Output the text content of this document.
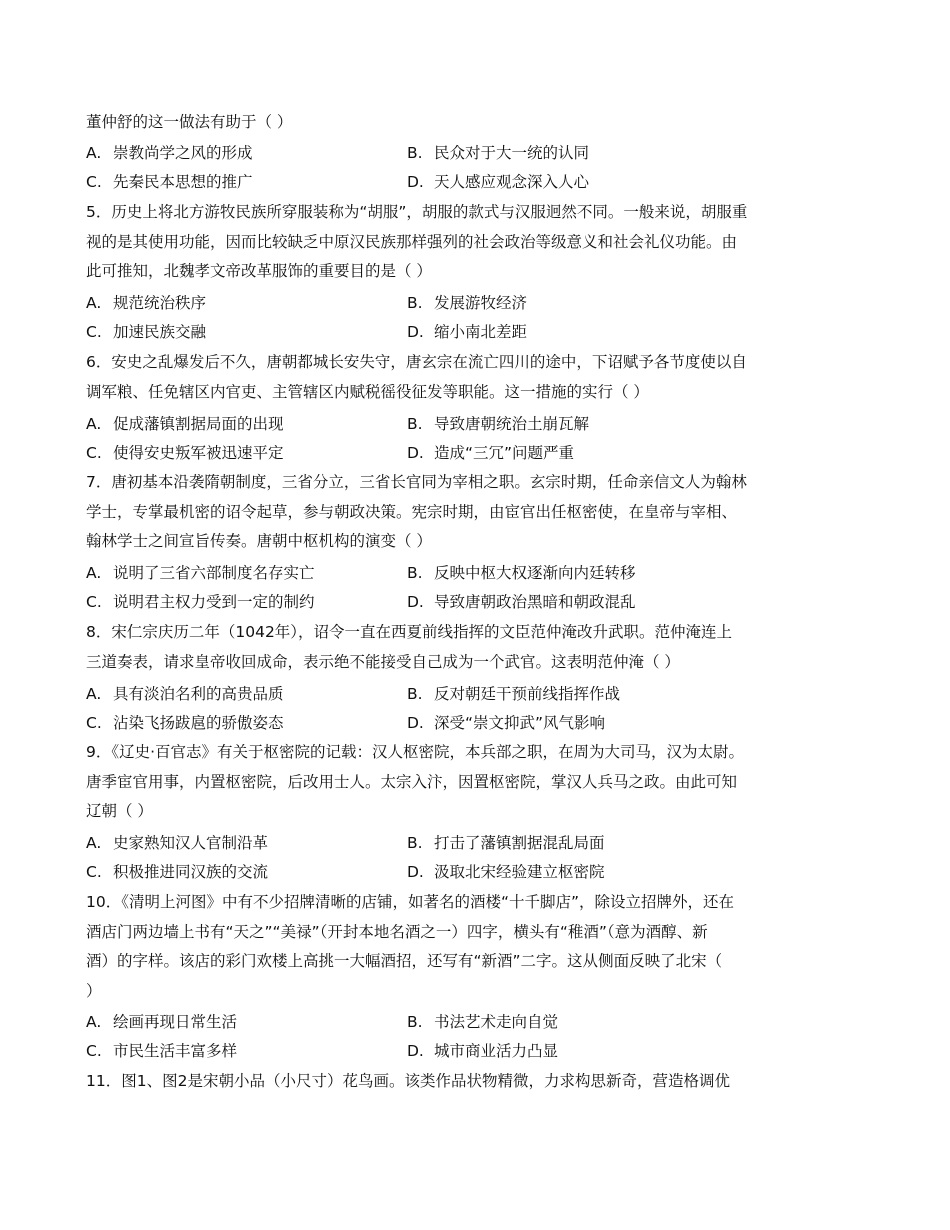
董仲舒的这一做法有助于（ ）
A. 崇教尚学之风的形成	B. 民众对于大一统的认同
C. 先秦民本思想的推广	D. 天人感应观念深入人心
5．历史上将北方游牧民族所穿服装称为“胡服”，胡服的款式与汉服迥然不同。一般来说，胡服重
视的是其使用功能，因而比较缺乏中原汉民族那样强列的社会政治等级意义和社会礼仪功能。由
此可推知，北魏孝文帝改革服饰的重要目的是（ ）
A. 规范统治秩序	B. 发展游牧经济
C. 加速民族交融	D. 缩小南北差距
6．安史之乱爆发后不久，唐朝都城长安失守，唐玄宗在流亡四川的途中，下诏赋予各节度使以自
调军粮、任免辖区内官吏、主管辖区内赋税徭役征发等职能。这一措施的实行（ ）
A. 促成藩镇割据局面的出现	B. 导致唐朝统治土崩瓦解
C. 使得安史叛军被迅速平定	D. 造成“三冗”问题严重
7．唐初基本沿袭隋朝制度，三省分立，三省长官同为宰相之职。玄宗时期，任命亲信文人为翰林
学士，专掌最机密的诏令起草，参与朝政决策。宪宗时期，由宦官出任枢密使，在皇帝与宰相、
翰林学士之间宣旨传奏。唐朝中枢机构的演变（ ）
A. 说明了三省六部制度名存实亡	B. 反映中枢大权逐渐向内廷转移
C. 说明君主权力受到一定的制约	D. 导致唐朝政治黑暗和朝政混乱
8．宋仁宗庆历二年（1042年），诏令一直在西夏前线指挥的文臣范仲淹改升武职。范仲淹连上
三道奏表，请求皇帝收回成命，表示绝不能接受自己成为一个武官。这表明范仲淹（ ）
A. 具有淡泊名利的高贵品质	B. 反对朝廷干预前线指挥作战
C. 沾染飞扬跋扈的骄傲姿态	D. 深受“崇文抑武”风气影响
9．《辽史·百官志》有关于枢密院的记载：汉人枢密院，本兵部之职，在周为大司马，汉为太尉。
唐季宦官用事，内置枢密院，后改用士人。太宗入汴，因置枢密院，掌汉人兵马之政。由此可知
辽朝（ ）
A. 史家熟知汉人官制沿革	B. 打击了藩镇割据混乱局面
C. 积极推进同汉族的交流	D. 汲取北宋经验建立枢密院
10．《清明上河图》中有不少招牌清晰的店铺，如著名的酒楼“十千脚店”，除设立招牌外，还在
酒店门两边墙上书有“天之”“美禄”（开封本地名酒之一）四字，横头有“稚酒”（意为酒醇、新
酒）的字样。该店的彩门欢楼上高挑一大幅酒招，还写有“新酒”二字。这从侧面反映了北宋（
）
A. 绘画再现日常生活	B. 书法艺术走向自觉
C. 市民生活丰富多样	D. 城市商业活力凸显
11．图1、图2是宋朝小品（小尺寸）花鸟画。该类作品状物精微，力求构思新奇，营造格调优
